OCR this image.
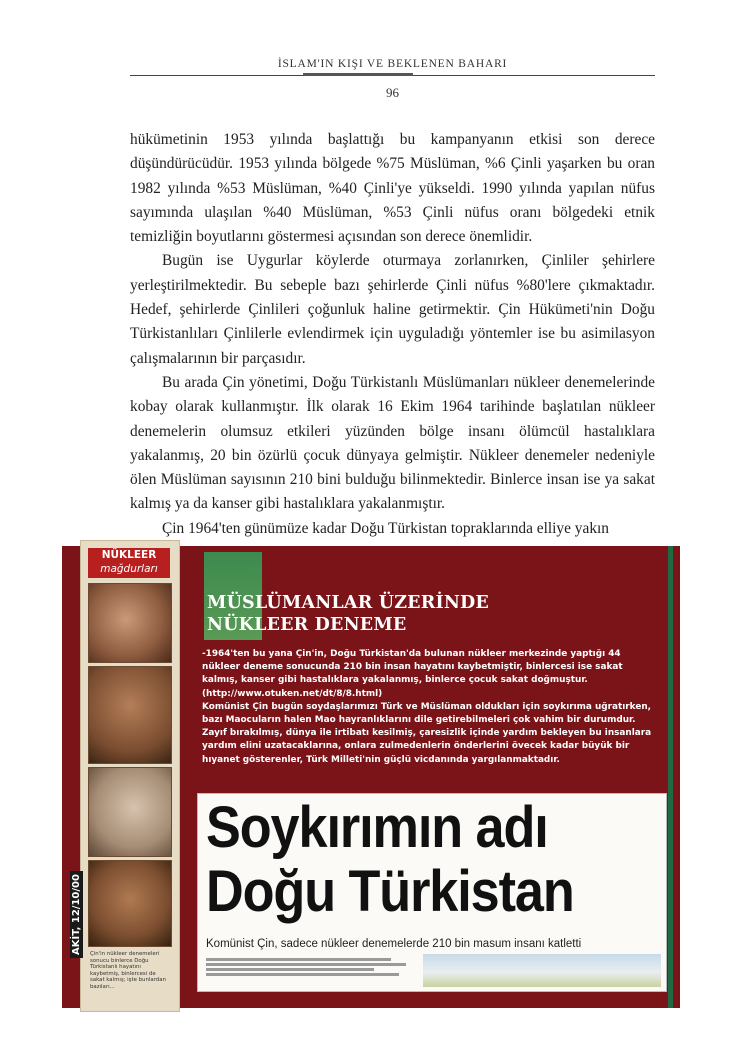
İSLAM'IN KIŞI VE BEKLENEN BAHARI
96

hükümetinin 1953 yılında başlattığı bu kampanyanın etkisi son derece düşündürücüdür. 1953 yılında bölgede %75 Müslüman, %6 Çinli yaşarken bu oran 1982 yılında %53 Müslüman, %40 Çinli'ye yükseldi. 1990 yılında yapılan nüfus sayımında ulaşılan %40 Müslüman, %53 Çinli nüfus oranı bölgedeki etnik temizliğin boyutlarını göstermesi açısından son derece önemlidir.

Bugün ise Uygurlar köylerde oturmaya zorlanırken, Çinliler şehirlere yerleştirilmektedir. Bu sebeple bazı şehirlerde Çinli nüfus %80'lere çıkmaktadır. Hedef, şehirlerde Çinlileri çoğunluk haline getirmektir. Çin Hükümeti'nin Doğu Türkistanlıları Çinlilerle evlendirmek için uyguladığı yöntemler ise bu asimilasyon çalışmalarının bir parçasıdır.

Bu arada Çin yönetimi, Doğu Türkistanlı Müslümanları nükleer denemelerinde kobay olarak kullanmıştır. İlk olarak 16 Ekim 1964 tarihinde başlatılan nükleer denemelerin olumsuz etkileri yüzünden bölge insanı ölümcül hastalıklara yakalanmış, 20 bin özürlü çocuk dünyaya gelmiştir. Nükleer denemeler nedeniyle ölen Müslüman sayısının 210 bini bulduğu bilinmektedir. Binlerce insan ise ya sakat kalmış ya da kanser gibi hastalıklara yakalanmıştır.

Çin 1964'ten günümüze kadar Doğu Türkistan topraklarında elliye yakın

NÜKLEER
mağdurları
Çin'in nükleer denemeleri sonucu binlerce Doğu Türkistanlı hayatını kaybetmiş, binlercesi de sakat kalmış; işte bunlardan bazıları...
AKİT, 12/10/00
MÜSLÜMANLAR ÜZERİNDE
NÜKLEER DENEME
-1964'ten bu yana Çin'in, Doğu Türkistan'da bulunan nükleer merkezinde yaptığı 44 nükleer deneme sonucunda 210 bin insan hayatını kaybetmiştir, binlercesi ise sakat kalmış, kanser gibi hastalıklara yakalanmış, binlerce çocuk sakat doğmuştur. (http://www.otuken.net/dt/8/8.html)
Komünist Çin bugün soydaşlarımızı Türk ve Müslüman oldukları için soykırıma uğratırken, bazı Maocuların halen Mao hayranlıklarını dile getirebilmeleri çok vahim bir durumdur. Zayıf bırakılmış, dünya ile irtibatı kesilmiş, çaresizlik içinde yardım bekleyen bu insanlara yardım elini uzatacaklarına, onlara zulmedenlerin önderlerini övecek kadar büyük bir hıyanet gösterenler, Türk Milleti'nin güçlü vicdanında yargılanmaktadır.
Soykırımın adı
Doğu Türkistan
Komünist Çin, sadece nükleer denemelerde 210 bin masum insanı katletti
